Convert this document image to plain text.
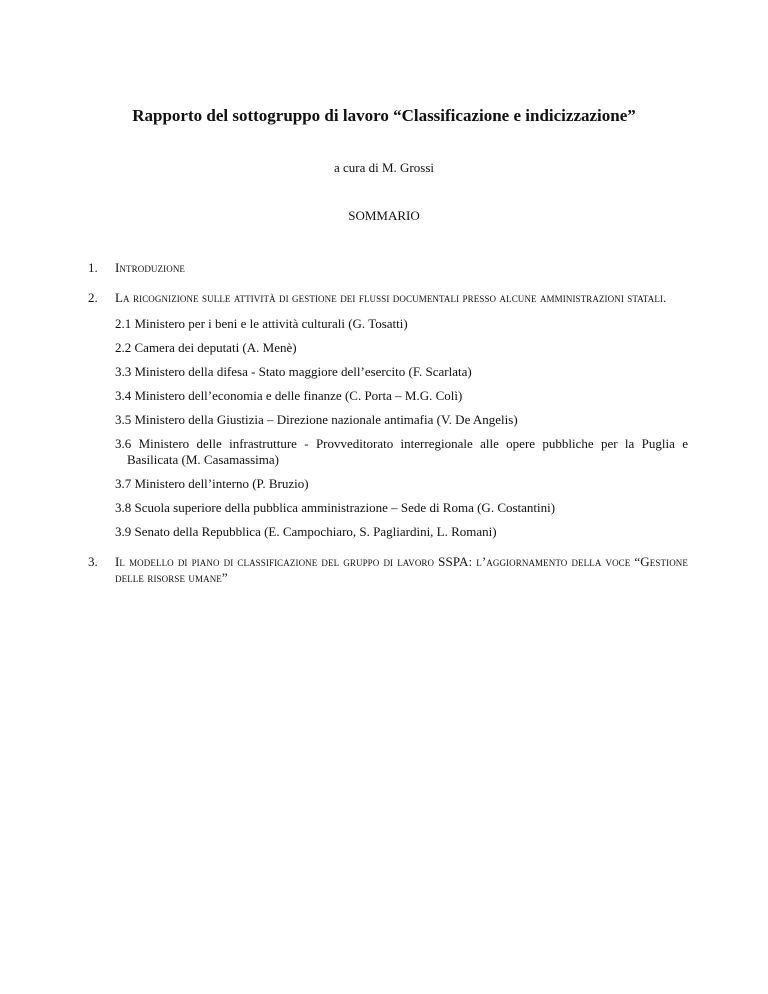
Rapporto del sottogruppo di lavoro “Classificazione e indicizzazione”
a cura di M. Grossi
SOMMARIO
1.	Introduzione
2.	La ricognizione sulle attività di gestione dei flussi documentali presso alcune amministrazioni statali.
2.1 Ministero per i beni e le attività culturali (G. Tosatti)
2.2 Camera dei deputati (A. Menè)
3.3 Ministero della difesa - Stato maggiore dell’esercito (F. Scarlata)
3.4 Ministero dell’economia e delle finanze (C. Porta – M.G. Colì)
3.5 Ministero della Giustizia – Direzione nazionale antimafia (V. De Angelis)
3.6 Ministero delle infrastrutture - Provveditorato interregionale alle opere pubbliche per la Puglia e Basilicata (M. Casamassima)
3.7 Ministero dell’interno (P. Bruzio)
3.8 Scuola superiore della pubblica amministrazione – Sede di Roma (G. Costantini)
3.9 Senato della Repubblica (E. Campochiaro, S. Pagliardini, L. Romani)
3.	Il modello di piano di classificazione del gruppo di lavoro SSPA: l’aggiornamento della voce “Gestione delle risorse umane”
